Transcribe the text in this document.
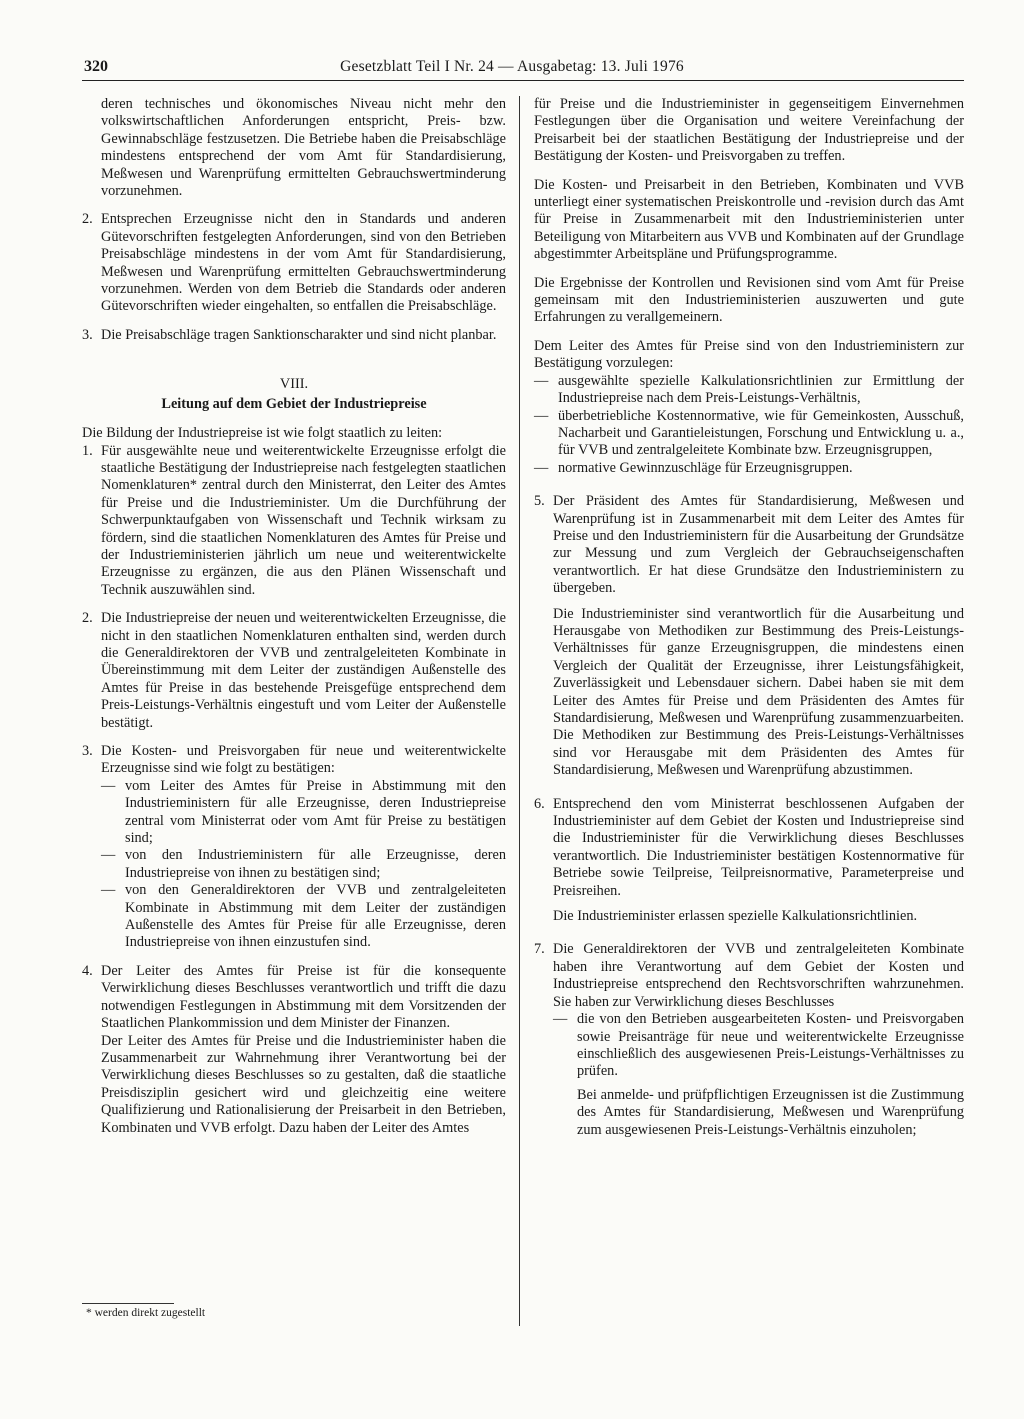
320	Gesetzblatt Teil I Nr. 24 — Ausgabetag: 13. Juli 1976

deren technisches und ökonomisches Niveau nicht mehr den volkswirtschaftlichen Anforderungen entspricht, Preis- bzw. Gewinnabschläge festzusetzen. Die Betriebe haben die Preisabschläge mindestens entsprechend der vom Amt für Standardisierung, Meßwesen und Warenprüfung ermittelten Gebrauchswertminderung vorzunehmen.

2. Entsprechen Erzeugnisse nicht den in Standards und anderen Gütevorschriften festgelegten Anforderungen, sind von den Betrieben Preisabschläge mindestens in der vom Amt für Standardisierung, Meßwesen und Warenprüfung ermittelten Gebrauchswertminderung vorzunehmen. Werden von dem Betrieb die Standards oder anderen Gütevorschriften wieder eingehalten, so entfallen die Preisabschläge.

3. Die Preisabschläge tragen Sanktionscharakter und sind nicht planbar.

VIII.
Leitung auf dem Gebiet der Industriepreise

Die Bildung der Industriepreise ist wie folgt staatlich zu leiten:

1. Für ausgewählte neue und weiterentwickelte Erzeugnisse erfolgt die staatliche Bestätigung der Industriepreise nach festgelegten staatlichen Nomenklaturen* zentral durch den Ministerrat, den Leiter des Amtes für Preise und die Industrieminister. Um die Durchführung der Schwerpunktaufgaben von Wissenschaft und Technik wirksam zu fördern, sind die staatlichen Nomenklaturen des Amtes für Preise und der Industrieministerien jährlich um neue und weiterentwickelte Erzeugnisse zu ergänzen, die aus den Plänen Wissenschaft und Technik auszuwählen sind.

2. Die Industriepreise der neuen und weiterentwickelten Erzeugnisse, die nicht in den staatlichen Nomenklaturen enthalten sind, werden durch die Generaldirektoren der VVB und zentralgeleiteten Kombinate in Übereinstimmung mit dem Leiter der zuständigen Außenstelle des Amtes für Preise in das bestehende Preisgefüge entsprechend dem Preis-Leistungs-Verhältnis eingestuft und vom Leiter der Außenstelle bestätigt.

3. Die Kosten- und Preisvorgaben für neue und weiterentwickelte Erzeugnisse sind wie folgt zu bestätigen:

— vom Leiter des Amtes für Preise in Abstimmung mit den Industrieministern für alle Erzeugnisse, deren Industriepreise zentral vom Ministerrat oder vom Amt für Preise zu bestätigen sind;

— von den Industrieministern für alle Erzeugnisse, deren Industriepreise von ihnen zu bestätigen sind;

— von den Generaldirektoren der VVB und zentralgeleiteten Kombinate in Abstimmung mit dem Leiter der zuständigen Außenstelle des Amtes für Preise für alle Erzeugnisse, deren Industriepreise von ihnen einzustufen sind.

4. Der Leiter des Amtes für Preise ist für die konsequente Verwirklichung dieses Beschlusses verantwortlich und trifft die dazu notwendigen Festlegungen in Abstimmung mit dem Vorsitzenden der Staatlichen Plankommission und dem Minister der Finanzen.

Der Leiter des Amtes für Preise und die Industrieminister haben die Zusammenarbeit zur Wahrnehmung ihrer Verantwortung bei der Verwirklichung dieses Beschlusses so zu gestalten, daß die staatliche Preisdisziplin gesichert wird und gleichzeitig eine weitere Qualifizierung und Rationalisierung der Preisarbeit in den Betrieben, Kombinaten und VVB erfolgt. Dazu haben der Leiter des Amtes

für Preise und die Industrieminister in gegenseitigem Einvernehmen Festlegungen über die Organisation und weitere Vereinfachung der Preisarbeit bei der staatlichen Bestätigung der Industriepreise und der Bestätigung der Kosten- und Preisvorgaben zu treffen.

Die Kosten- und Preisarbeit in den Betrieben, Kombinaten und VVB unterliegt einer systematischen Preiskontrolle und -revision durch das Amt für Preise in Zusammenarbeit mit den Industrieministerien unter Beteiligung von Mitarbeitern aus VVB und Kombinaten auf der Grundlage abgestimmter Arbeitspläne und Prüfungsprogramme.

Die Ergebnisse der Kontrollen und Revisionen sind vom Amt für Preise gemeinsam mit den Industrieministerien auszuwerten und gute Erfahrungen zu verallgemeinern.

Dem Leiter des Amtes für Preise sind von den Industrieministern zur Bestätigung vorzulegen:

— ausgewählte spezielle Kalkulationsrichtlinien zur Ermittlung der Industriepreise nach dem Preis-Leistungs-Verhältnis,

— überbetriebliche Kostennormative, wie für Gemeinkosten, Ausschuß, Nacharbeit und Garantieleistungen, Forschung und Entwicklung u. a., für VVB und zentralgeleitete Kombinate bzw. Erzeugnisgruppen,

— normative Gewinnzuschläge für Erzeugnisgruppen.

5. Der Präsident des Amtes für Standardisierung, Meßwesen und Warenprüfung ist in Zusammenarbeit mit dem Leiter des Amtes für Preise und den Industrieministern für die Ausarbeitung der Grundsätze zur Messung und zum Vergleich der Gebrauchseigenschaften verantwortlich. Er hat diese Grundsätze den Industrieministern zu übergeben.

Die Industrieminister sind verantwortlich für die Ausarbeitung und Herausgabe von Methodiken zur Bestimmung des Preis-Leistungs-Verhältnisses für ganze Erzeugnisgruppen, die mindestens einen Vergleich der Qualität der Erzeugnisse, ihrer Leistungsfähigkeit, Zuverlässigkeit und Lebensdauer sichern. Dabei haben sie mit dem Leiter des Amtes für Preise und dem Präsidenten des Amtes für Standardisierung, Meßwesen und Warenprüfung zusammenzuarbeiten. Die Methodiken zur Bestimmung des Preis-Leistungs-Verhältnisses sind vor Herausgabe mit dem Präsidenten des Amtes für Standardisierung, Meßwesen und Warenprüfung abzustimmen.

6. Entsprechend den vom Ministerrat beschlossenen Aufgaben der Industrieminister auf dem Gebiet der Kosten und Industriepreise sind die Industrieminister für die Verwirklichung dieses Beschlusses verantwortlich. Die Industrieminister bestätigen Kostennormative für Betriebe sowie Teilpreise, Teilpreisnormative, Parameterpreise und Preisreihen.

Die Industrieminister erlassen spezielle Kalkulationsrichtlinien.

7. Die Generaldirektoren der VVB und zentralgeleiteten Kombinate haben ihre Verantwortung auf dem Gebiet der Kosten und Industriepreise entsprechend den Rechtsvorschriften wahrzunehmen. Sie haben zur Verwirklichung dieses Beschlusses

— die von den Betrieben ausgearbeiteten Kosten- und Preisvorgaben sowie Preisanträge für neue und weiterentwickelte Erzeugnisse einschließlich des ausgewiesenen Preis-Leistungs-Verhältnisses zu prüfen.

Bei anmelde- und prüfpflichtigen Erzeugnissen ist die Zustimmung des Amtes für Standardisierung, Meßwesen und Warenprüfung zum ausgewiesenen Preis-Leistungs-Verhältnis einzuholen;

* werden direkt zugestellt
